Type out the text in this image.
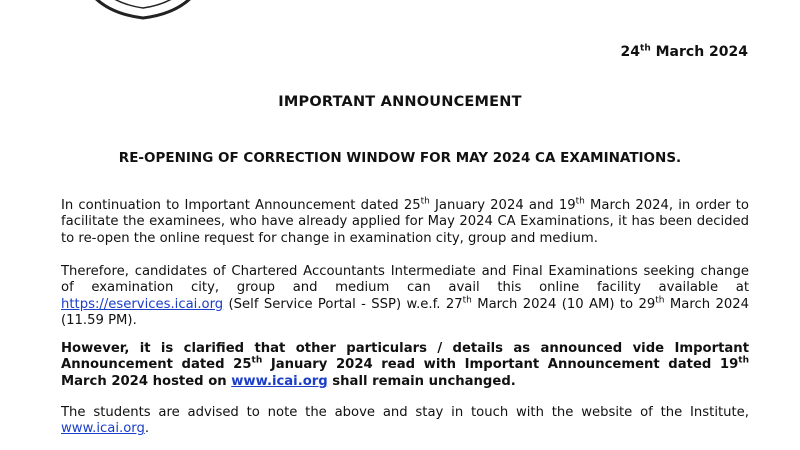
24th March 2024
IMPORTANT ANNOUNCEMENT
RE-OPENING OF CORRECTION WINDOW FOR MAY 2024 CA EXAMINATIONS.

In continuation to Important Announcement dated 25th January 2024 and 19th March 2024, in order to facilitate the examinees, who have already applied for May 2024 CA Examinations, it has been decided to re-open the online request for change in examination city, group and medium.

Therefore, candidates of Chartered Accountants Intermediate and Final Examinations seeking change of examination city, group and medium can avail this online facility available at https://eservices.icai.org (Self Service Portal - SSP) w.e.f. 27th March 2024 (10 AM) to 29th March 2024 (11.59 PM).

However, it is clarified that other particulars / details as announced vide Important Announcement dated 25th January 2024 read with Important Announcement dated 19th March 2024 hosted on www.icai.org shall remain unchanged.

The students are advised to note the above and stay in touch with the website of the Institute, www.icai.org.
